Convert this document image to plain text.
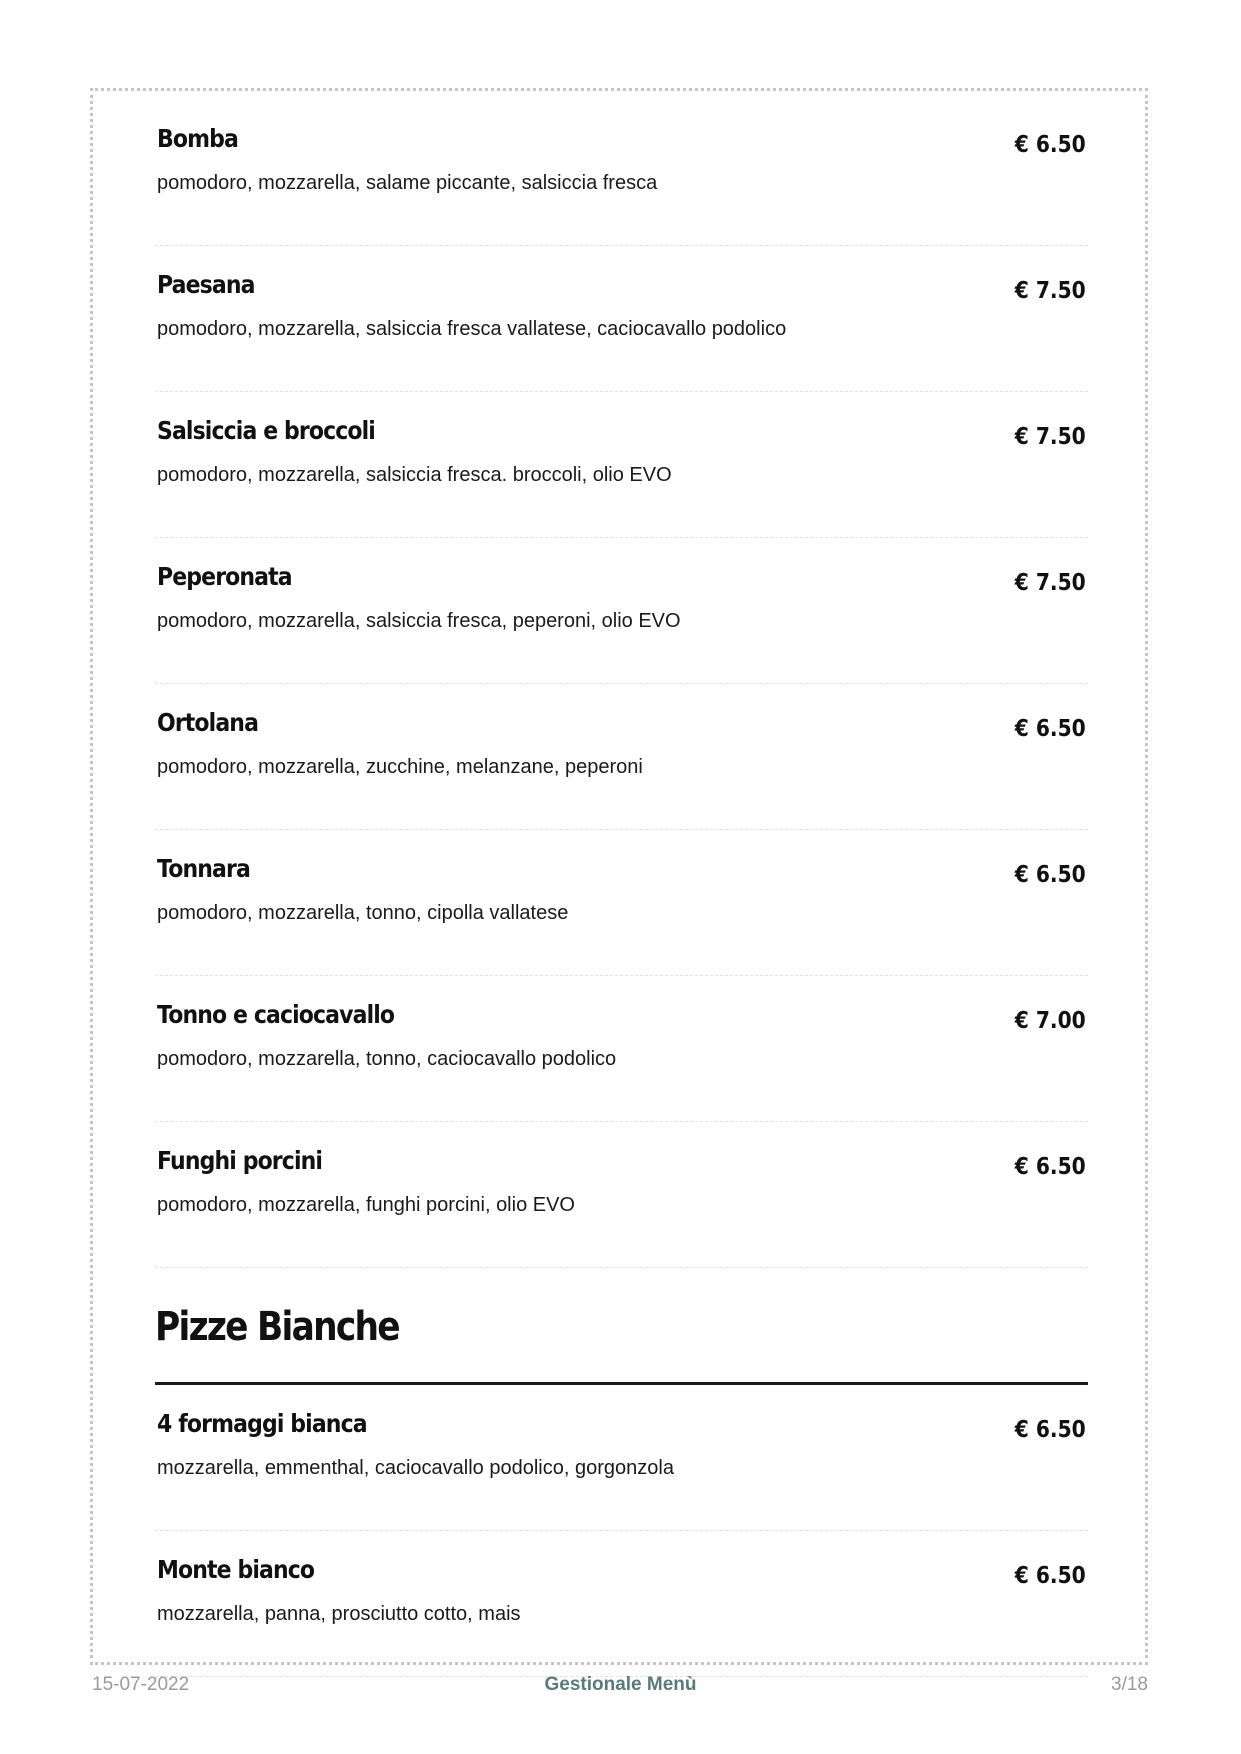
Bomba
pomodoro, mozzarella, salame piccante, salsiccia fresca
€ 6.50
Paesana
pomodoro, mozzarella, salsiccia fresca vallatese, caciocavallo podolico
€ 7.50
Salsiccia e broccoli
pomodoro, mozzarella, salsiccia fresca. broccoli, olio EVO
€ 7.50
Peperonata
pomodoro, mozzarella, salsiccia fresca, peperoni, olio EVO
€ 7.50
Ortolana
pomodoro, mozzarella, zucchine, melanzane, peperoni
€ 6.50
Tonnara
pomodoro, mozzarella, tonno, cipolla vallatese
€ 6.50
Tonno e caciocavallo
pomodoro, mozzarella, tonno, caciocavallo podolico
€ 7.00
Funghi porcini
pomodoro, mozzarella, funghi porcini, olio EVO
€ 6.50
Pizze Bianche
4 formaggi bianca
mozzarella, emmenthal, caciocavallo podolico, gorgonzola
€ 6.50
Monte bianco
mozzarella, panna, prosciutto cotto, mais
€ 6.50
15-07-2022	Gestionale Menù	3/18
